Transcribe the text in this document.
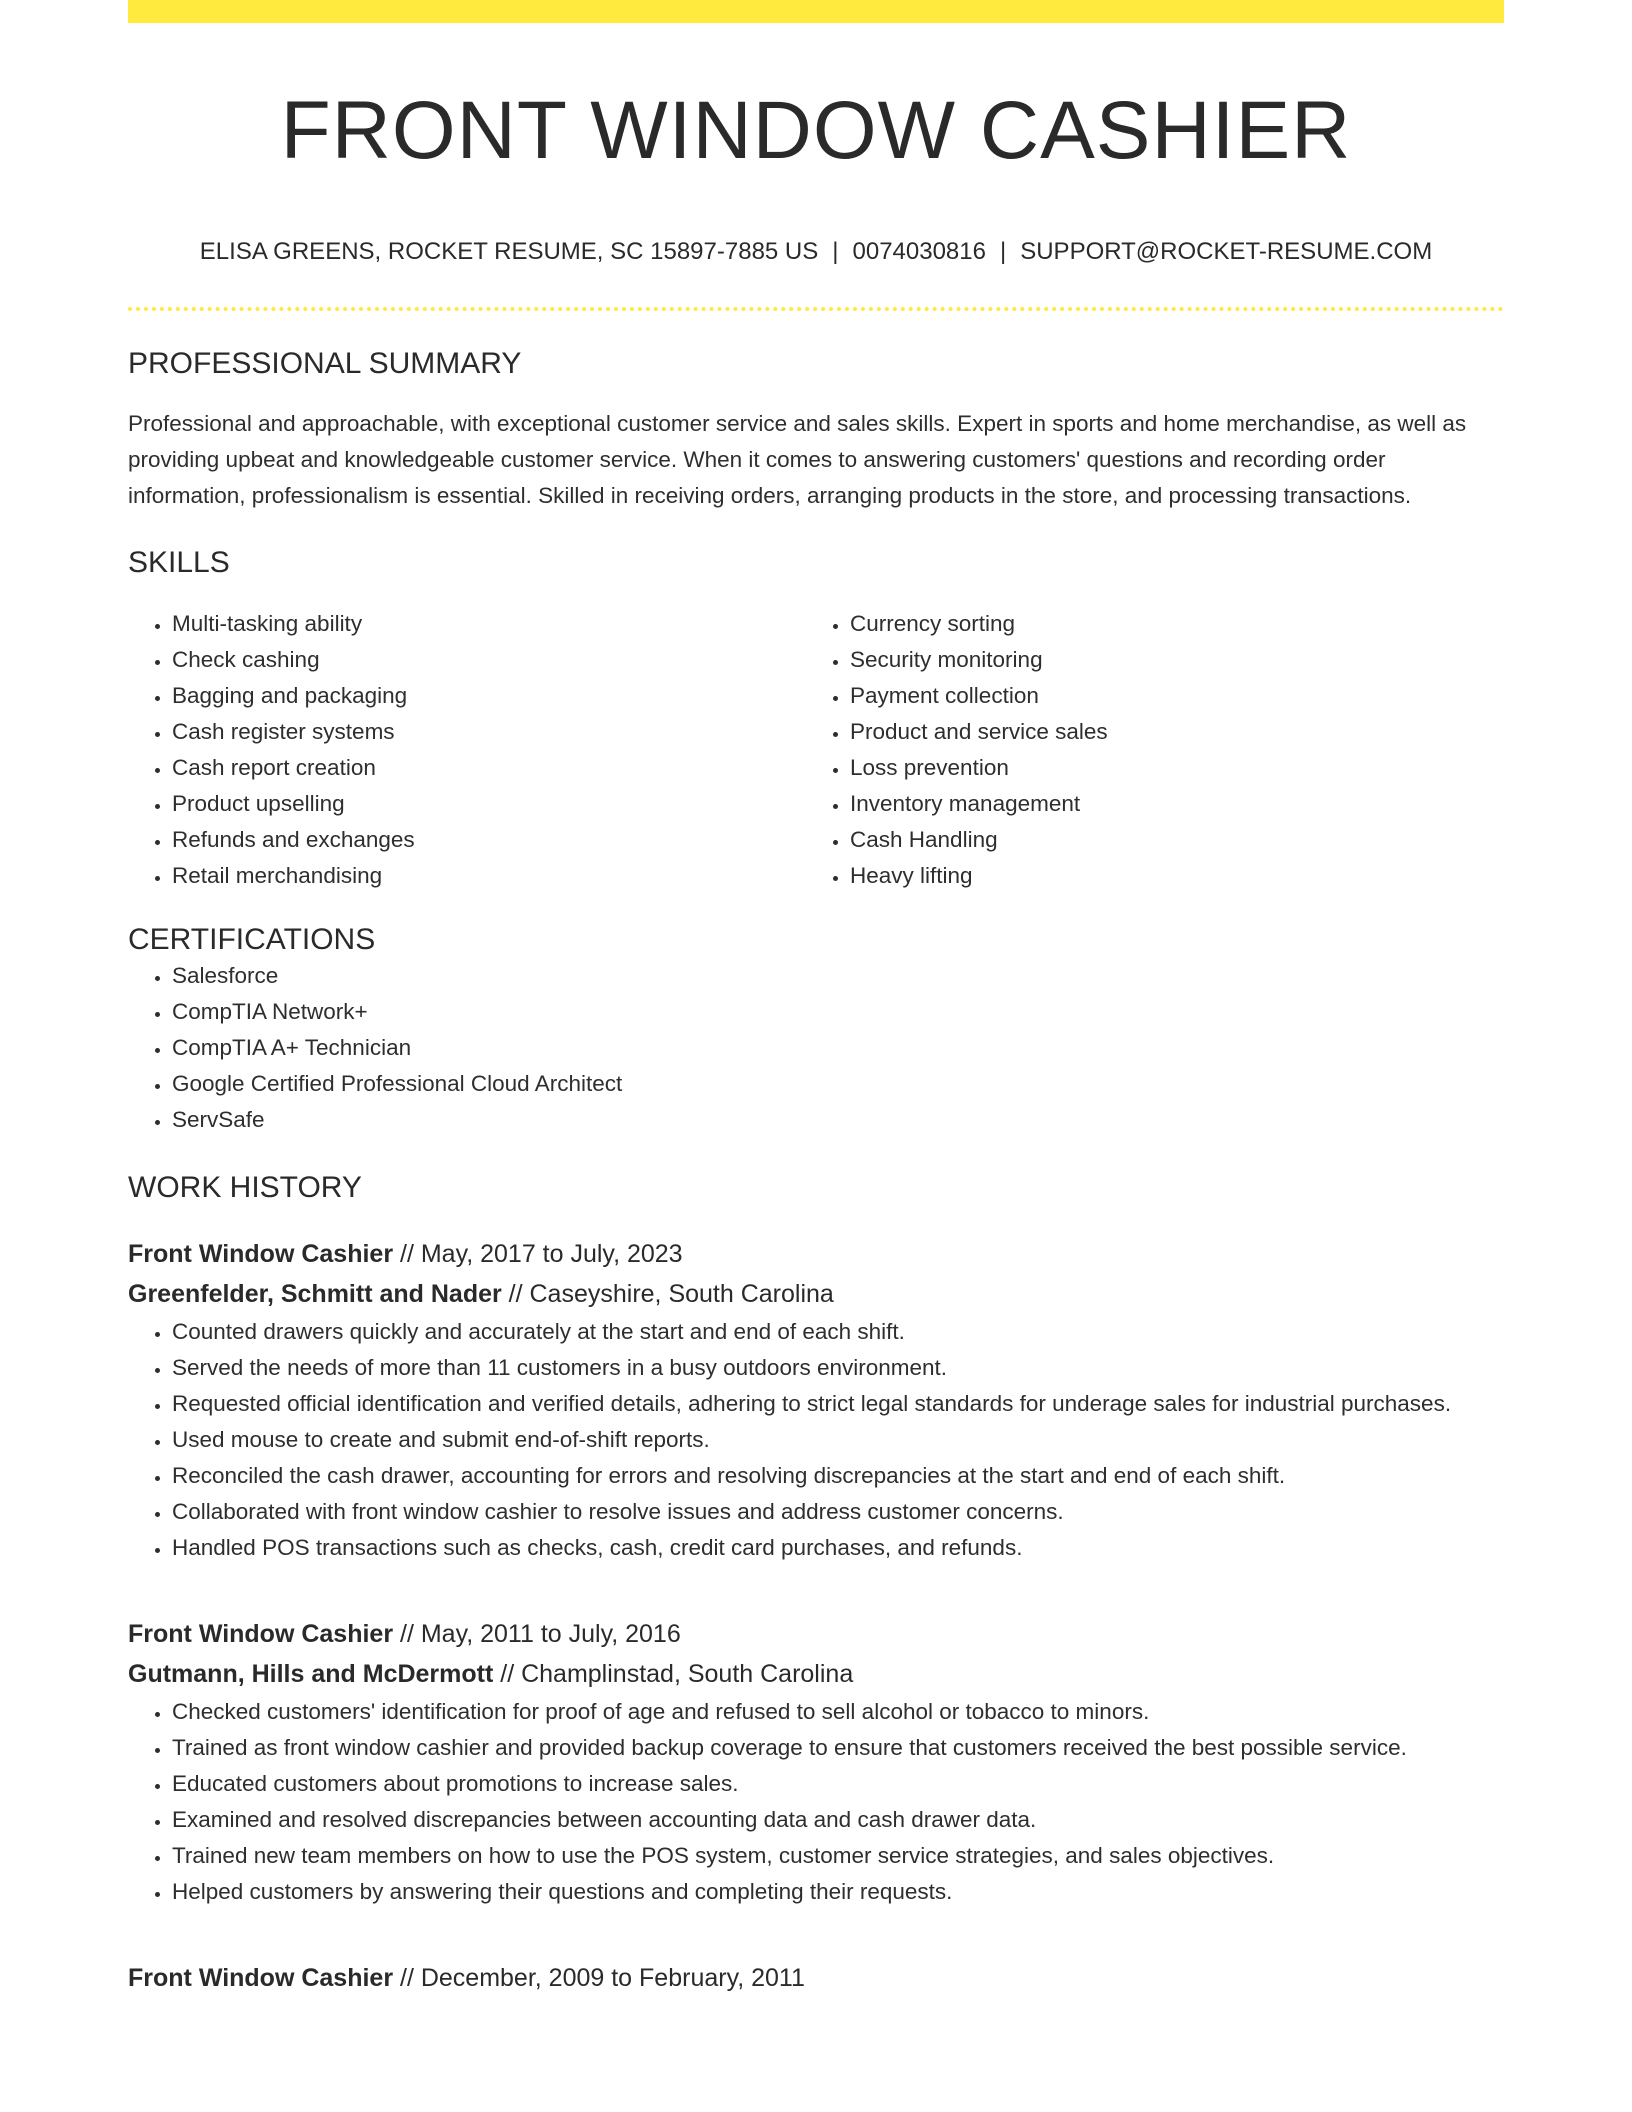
FRONT WINDOW CASHIER
ELISA GREENS, ROCKET RESUME, SC 15897-7885 US | 0074030816 | SUPPORT@ROCKET-RESUME.COM
PROFESSIONAL SUMMARY

Professional and approachable, with exceptional customer service and sales skills. Expert in sports and home merchandise, as well as providing upbeat and knowledgeable customer service. When it comes to answering customers' questions and recording order information, professionalism is essential. Skilled in receiving orders, arranging products in the store, and processing transactions.

SKILLS
• Multi-tasking ability
• Check cashing
• Bagging and packaging
• Cash register systems
• Cash report creation
• Product upselling
• Refunds and exchanges
• Retail merchandising
• Currency sorting
• Security monitoring
• Payment collection
• Product and service sales
• Loss prevention
• Inventory management
• Cash Handling
• Heavy lifting
CERTIFICATIONS
• Salesforce
• CompTIA Network+
• CompTIA A+ Technician
• Google Certified Professional Cloud Architect
• ServSafe
WORK HISTORY
Front Window Cashier // May, 2017 to July, 2023
Greenfelder, Schmitt and Nader // Caseyshire, South Carolina
• Counted drawers quickly and accurately at the start and end of each shift.
• Served the needs of more than 11 customers in a busy outdoors environment.
• Requested official identification and verified details, adhering to strict legal standards for underage sales for industrial purchases.
• Used mouse to create and submit end-of-shift reports.
• Reconciled the cash drawer, accounting for errors and resolving discrepancies at the start and end of each shift.
• Collaborated with front window cashier to resolve issues and address customer concerns.
• Handled POS transactions such as checks, cash, credit card purchases, and refunds.
Front Window Cashier // May, 2011 to July, 2016
Gutmann, Hills and McDermott // Champlinstad, South Carolina
• Checked customers' identification for proof of age and refused to sell alcohol or tobacco to minors.
• Trained as front window cashier and provided backup coverage to ensure that customers received the best possible service.
• Educated customers about promotions to increase sales.
• Examined and resolved discrepancies between accounting data and cash drawer data.
• Trained new team members on how to use the POS system, customer service strategies, and sales objectives.
• Helped customers by answering their questions and completing their requests.
Front Window Cashier // December, 2009 to February, 2011
